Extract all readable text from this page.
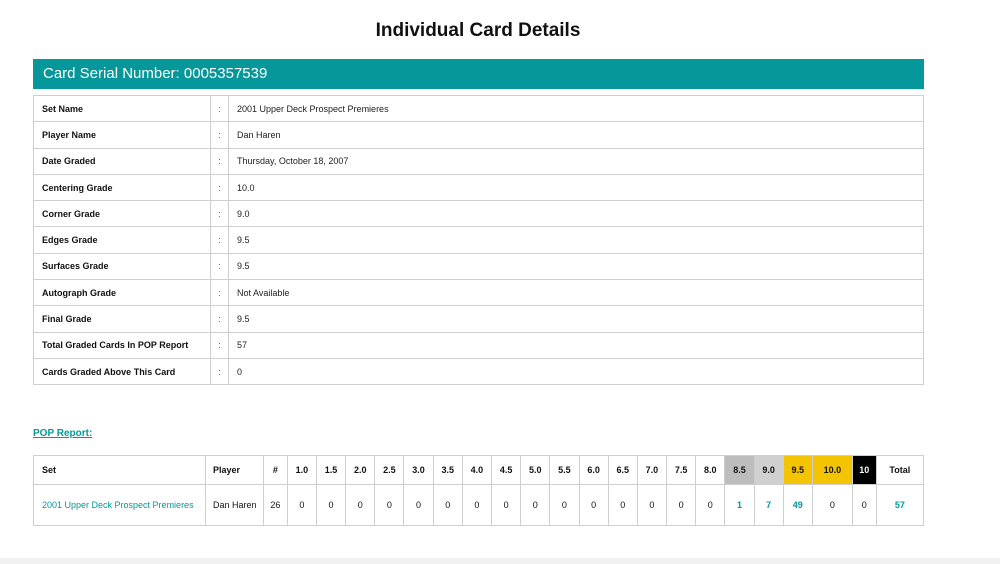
Individual Card Details
Card Serial Number: 0005357539
Set Name	:	2001 Upper Deck Prospect Premieres
Player Name	:	Dan Haren
Date Graded	:	Thursday, October 18, 2007
Centering Grade	:	10.0
Corner Grade	:	9.0
Edges Grade	:	9.5
Surfaces Grade	:	9.5
Autograph Grade	:	Not Available
Final Grade	:	9.5
Total Graded Cards In POP Report	:	57
Cards Graded Above This Card	:	0
POP Report:
Set	Player	#	1.0	1.5	2.0	2.5	3.0	3.5	4.0	4.5	5.0	5.5	6.0	6.5	7.0	7.5	8.0	8.5	9.0	9.5	10.0	10	Total
2001 Upper Deck Prospect Premieres	Dan Haren	26	0	0	0	0	0	0	0	0	0	0	0	0	0	0	0	1	7	49	0	0	57
